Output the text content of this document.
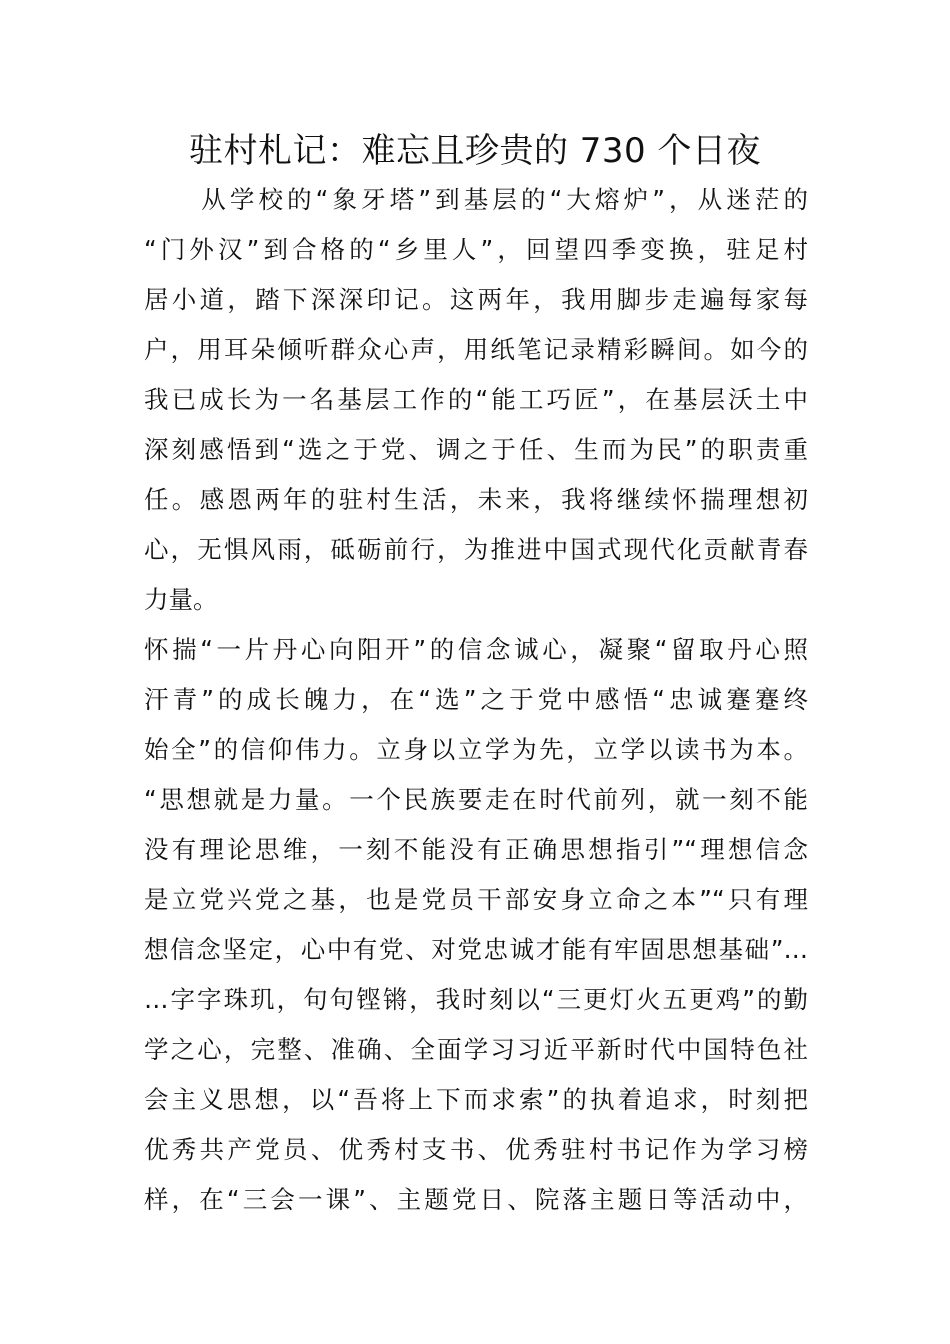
驻村札记：难忘且珍贵的 730 个日夜
　　从学校的“象牙塔”到基层的“大熔炉”，从迷茫的
“门外汉”到合格的“乡里人”，回望四季变换，驻足村
居小道，踏下深深印记。这两年，我用脚步走遍每家每
户，用耳朵倾听群众心声，用纸笔记录精彩瞬间。如今的
我已成长为一名基层工作的“能工巧匠”，在基层沃土中
深刻感悟到“选之于党、调之于任、生而为民”的职责重
任。感恩两年的驻村生活，未来，我将继续怀揣理想初
心，无惧风雨，砥砺前行，为推进中国式现代化贡献青春
力量。
怀揣“一片丹心向阳开”的信念诚心，凝聚“留取丹心照
汗青”的成长魄力，在“选”之于党中感悟“忠诚蹇蹇终
始全”的信仰伟力。立身以立学为先，立学以读书为本。
“思想就是力量。一个民族要走在时代前列，就一刻不能
没有理论思维，一刻不能没有正确思想指引”“理想信念
是立党兴党之基，也是党员干部安身立命之本”“只有理
想信念坚定，心中有党、对党忠诚才能有牢固思想基础”…
…字字珠玑，句句铿锵，我时刻以“三更灯火五更鸡”的勤
学之心，完整、准确、全面学习习近平新时代中国特色社
会主义思想，以“吾将上下而求索”的执着追求，时刻把
优秀共产党员、优秀村支书、优秀驻村书记作为学习榜
样，在“三会一课”、主题党日、院落主题日等活动中，
